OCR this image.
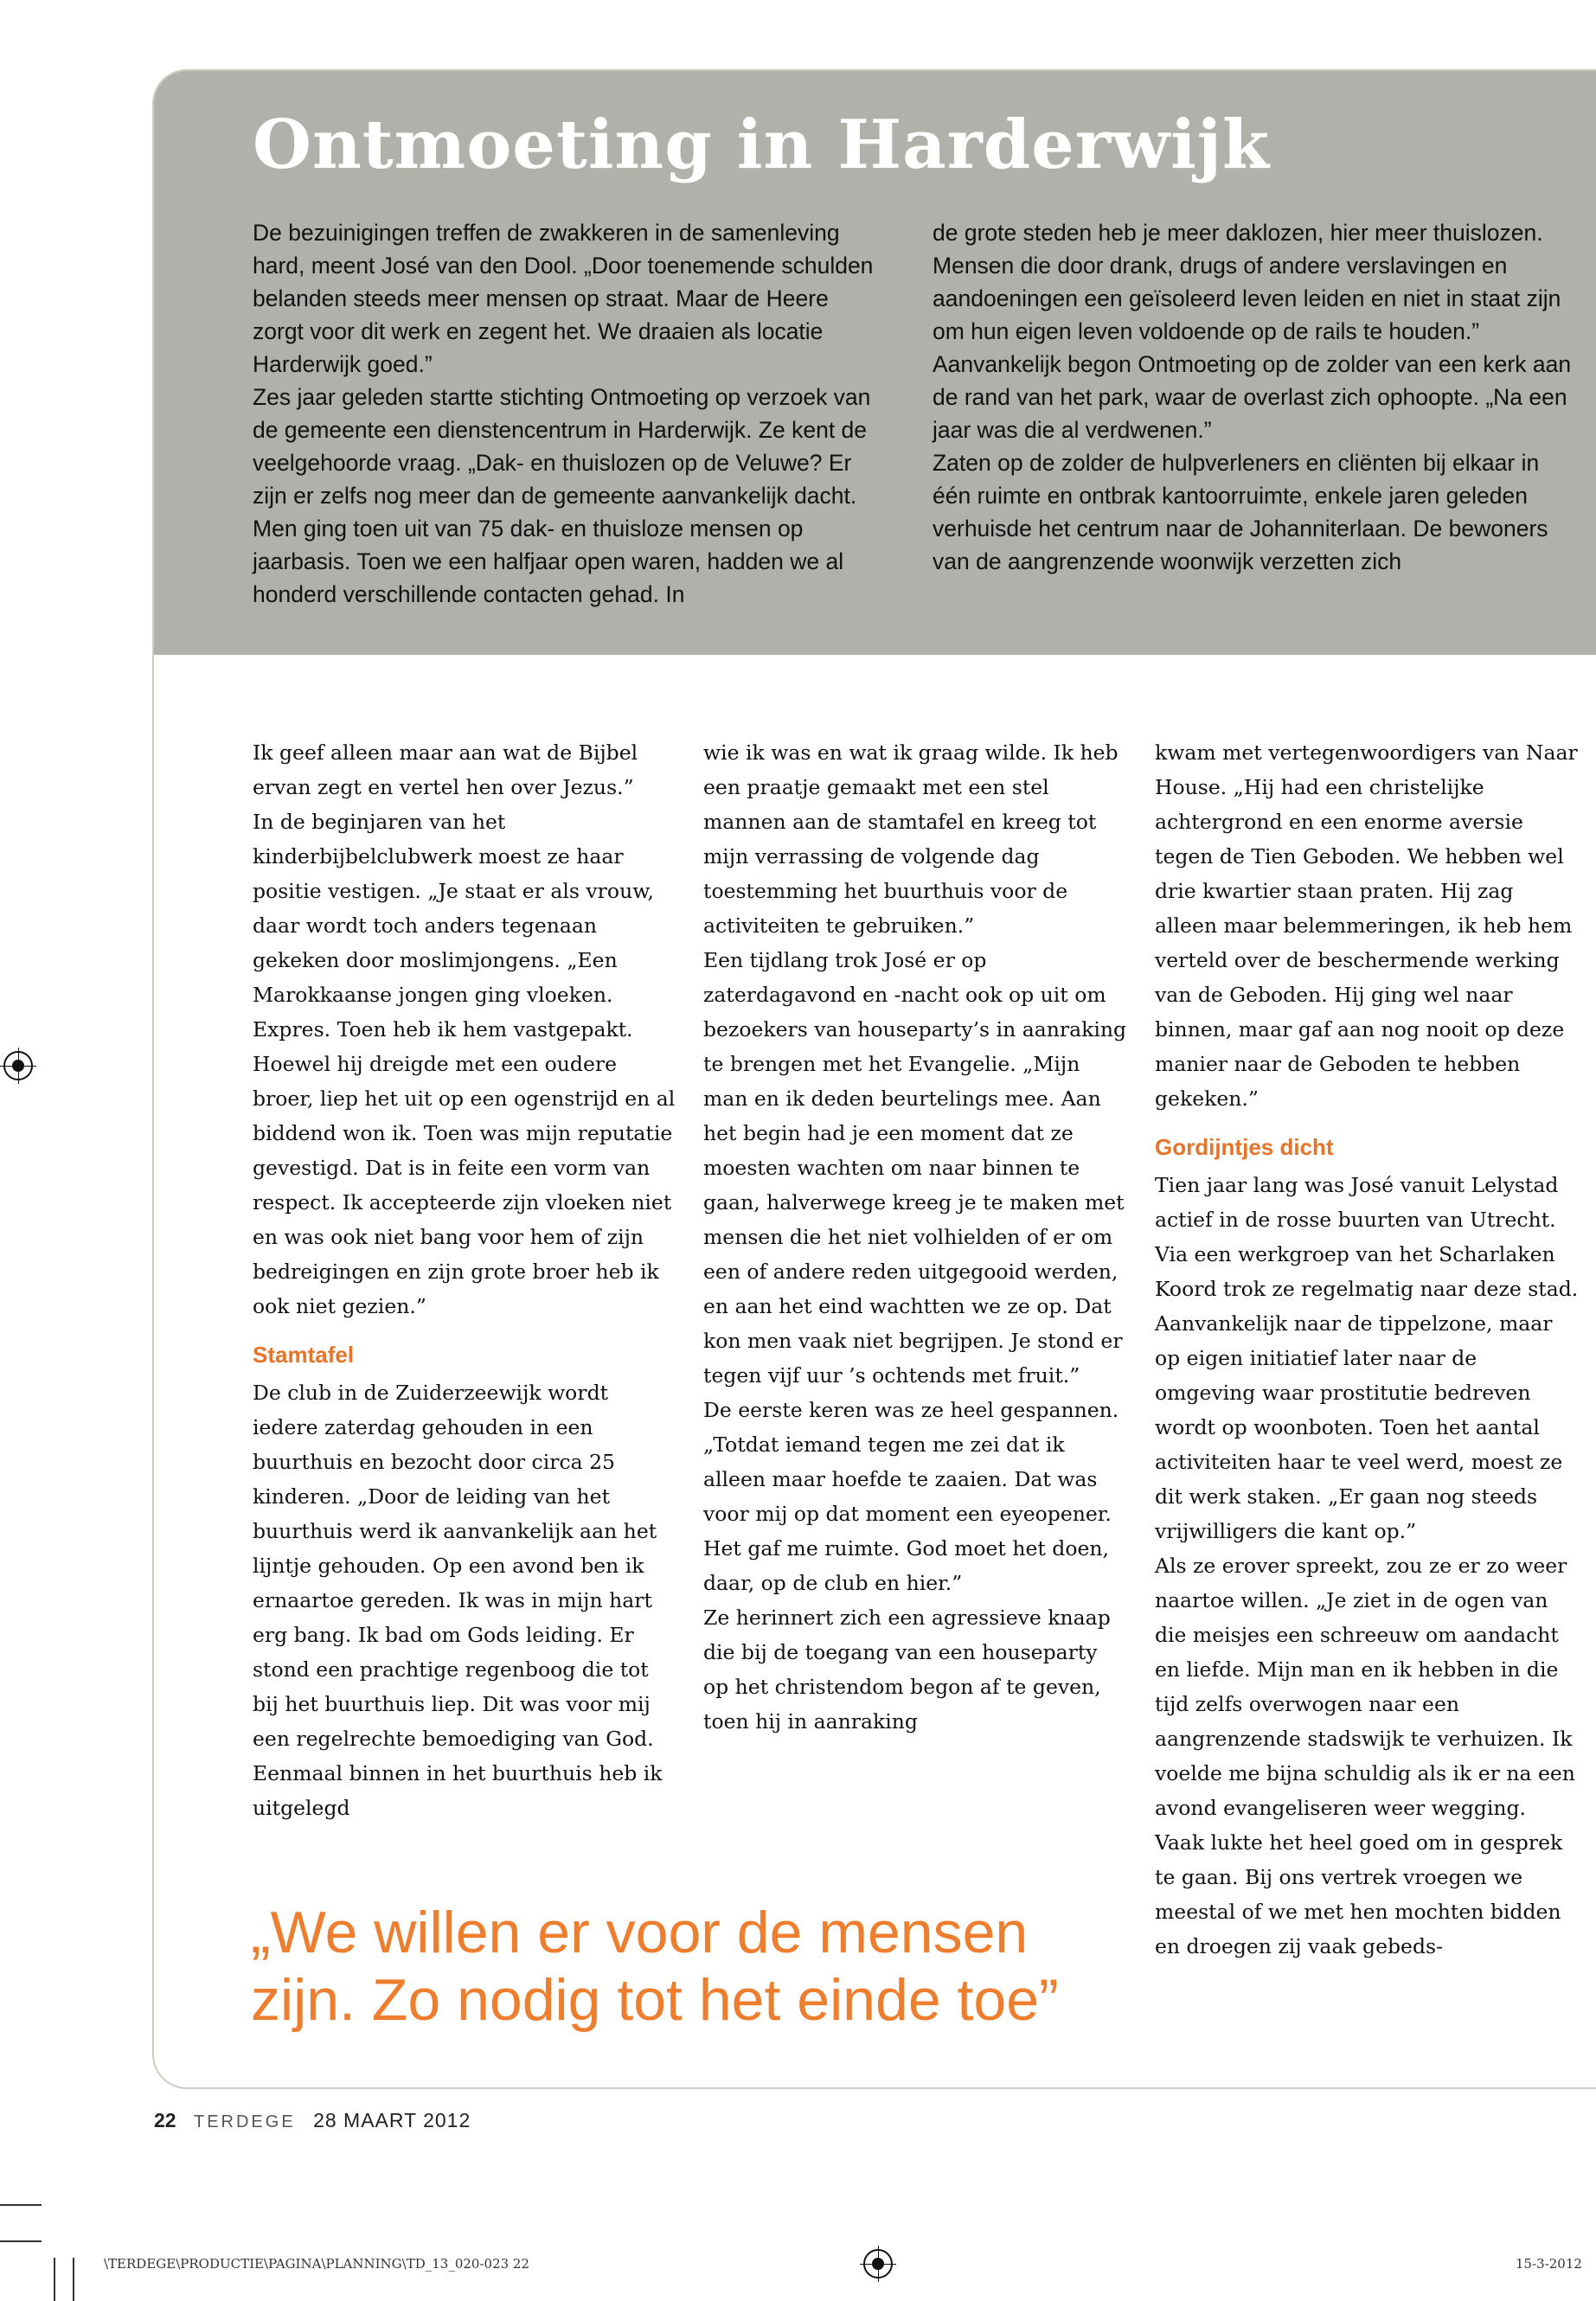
Ontmoeting in Harderwijk

De bezuinigingen treffen de zwakkeren in de samenleving hard, meent José van den Dool. „Door toenemende schulden belanden steeds meer mensen op straat. Maar de Heere zorgt voor dit werk en zegent het. We draaien als locatie Harderwijk goed.”

Zes jaar geleden startte stichting Ontmoeting op verzoek van de gemeente een dienstencentrum in Harderwijk. Ze kent de veelgehoorde vraag. „Dak- en thuislozen op de Veluwe? Er zijn er zelfs nog meer dan de gemeente aanvankelijk dacht. Men ging toen uit van 75 dak- en thuisloze mensen op jaarbasis. Toen we een halfjaar open waren, hadden we al honderd verschillende contacten gehad. In

de grote steden heb je meer daklozen, hier meer thuislozen. Mensen die door drank, drugs of andere verslavingen en aandoeningen een geïsoleerd leven leiden en niet in staat zijn om hun eigen leven voldoende op de rails te houden.”

Aanvankelijk begon Ontmoeting op de zolder van een kerk aan de rand van het park, waar de overlast zich ophoopte. „Na een jaar was die al verdwenen.”

Zaten op de zolder de hulpverleners en cliënten bij elkaar in één ruimte en ontbrak kantoorruimte, enkele jaren geleden verhuisde het centrum naar de Johanniterlaan. De bewoners van de aangrenzende woonwijk verzetten zich

Ik geef alleen maar aan wat de Bijbel ervan zegt en vertel hen over Jezus.”

In de beginjaren van het kinderbijbelclubwerk moest ze haar positie vestigen. „Je staat er als vrouw, daar wordt toch anders tegenaan gekeken door moslimjongens. „Een Marokkaanse jongen ging vloeken. Expres. Toen heb ik hem vastgepakt. Hoewel hij dreigde met een oudere broer, liep het uit op een ogenstrijd en al biddend won ik. Toen was mijn reputatie gevestigd. Dat is in feite een vorm van respect. Ik accepteerde zijn vloeken niet en was ook niet bang voor hem of zijn bedreigingen en zijn grote broer heb ik ook niet gezien.”

Stamtafel

De club in de Zuiderzeewijk wordt iedere zaterdag gehouden in een buurthuis en bezocht door circa 25 kinderen. „Door de leiding van het buurthuis werd ik aanvankelijk aan het lijntje gehouden. Op een avond ben ik ernaartoe gereden. Ik was in mijn hart erg bang. Ik bad om Gods leiding. Er stond een prachtige regenboog die tot bij het buurthuis liep. Dit was voor mij een regelrechte bemoediging van God. Eenmaal binnen in het buurthuis heb ik uitgelegd

wie ik was en wat ik graag wilde. Ik heb een praatje gemaakt met een stel mannen aan de stamtafel en kreeg tot mijn verrassing de volgende dag toestemming het buurthuis voor de activiteiten te gebruiken.”

Een tijdlang trok José er op zaterdagavond en -nacht ook op uit om bezoekers van houseparty’s in aanraking te brengen met het Evangelie. „Mijn man en ik deden beurtelings mee. Aan het begin had je een moment dat ze moesten wachten om naar binnen te gaan, halverwege kreeg je te maken met mensen die het niet volhielden of er om een of andere reden uitgegooid werden, en aan het eind wachtten we ze op. Dat kon men vaak niet begrijpen. Je stond er tegen vijf uur ’s ochtends met fruit.”

De eerste keren was ze heel gespannen. „Totdat iemand tegen me zei dat ik alleen maar hoefde te zaaien. Dat was voor mij op dat moment een eyeopener. Het gaf me ruimte. God moet het doen, daar, op de club en hier.”

Ze herinnert zich een agressieve knaap die bij de toegang van een houseparty op het christendom begon af te geven, toen hij in aanraking

kwam met vertegenwoordigers van Naar House. „Hij had een christelijke achtergrond en een enorme aversie tegen de Tien Geboden. We hebben wel drie kwartier staan praten. Hij zag alleen maar belemmeringen, ik heb hem verteld over de beschermende werking van de Geboden. Hij ging wel naar binnen, maar gaf aan nog nooit op deze manier naar de Geboden te hebben gekeken.”

Gordijntjes dicht

Tien jaar lang was José vanuit Lelystad actief in de rosse buurten van Utrecht. Via een werkgroep van het Scharlaken Koord trok ze regelmatig naar deze stad. Aanvankelijk naar de tippelzone, maar op eigen initiatief later naar de omgeving waar prostitutie bedreven wordt op woonboten. Toen het aantal activiteiten haar te veel werd, moest ze dit werk staken. „Er gaan nog steeds vrijwilligers die kant op.”

Als ze erover spreekt, zou ze er zo weer naartoe willen. „Je ziet in de ogen van die meisjes een schreeuw om aandacht en liefde. Mijn man en ik hebben in die tijd zelfs overwogen naar een aangrenzende stadswijk te verhuizen. Ik voelde me bijna schuldig als ik er na een avond evangeliseren weer wegging.

Vaak lukte het heel goed om in gesprek te gaan. Bij ons vertrek vroegen we meestal of we met hen mochten bidden en droegen zij vaak gebeds-

„We willen er voor de mensen zijn. Zo nodig tot het einde toe”

22 TERDEGE 28 MAART 2012
\TERDEGE\PRODUCTIE\PAGINA\PLANNING\TD_13_020-023 22	15-3-2012
